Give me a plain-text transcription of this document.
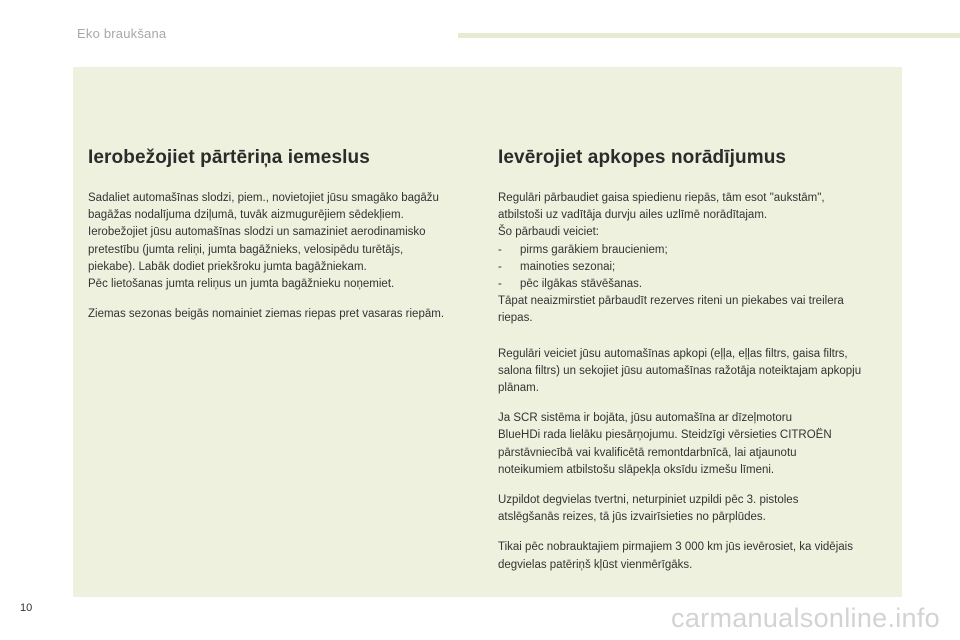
Eko braukšana
Ierobežojiet pārtēriņa iemeslus

Sadaliet automašīnas slodzi, piem., novietojiet jūsu smagāko bagāžu
bagāžas nodalījuma dziļumā, tuvāk aizmugurējiem sēdekļiem.
Ierobežojiet jūsu automašīnas slodzi un samaziniet aerodinamisko
pretestību (jumta reliņi, jumta bagāžnieks, velosipēdu turētājs,
piekabe). Labāk dodiet priekšroku jumta bagāžniekam.
Pēc lietošanas jumta reliņus un jumta bagāžnieku noņemiet.

Ziemas sezonas beigās nomainiet ziemas riepas pret vasaras riepām.

Ievērojiet apkopes norādījumus

Regulāri pārbaudiet gaisa spiedienu riepās, tām esot "aukstām",
atbilstoši uz vadītāja durvju ailes uzlīmē norādītajam.
Šo pārbaudi veiciet:
- pirms garākiem braucieniem;
- mainoties sezonai;
- pēc ilgākas stāvēšanas.
Tāpat neaizmirstiet pārbaudīt rezerves riteni un piekabes vai treilera
riepas.

Regulāri veiciet jūsu automašīnas apkopi (eļļa, eļļas filtrs, gaisa filtrs,
salona filtrs) un sekojiet jūsu automašīnas ražotāja noteiktajam apkopju
plānam.

Ja SCR sistēma ir bojāta, jūsu automašīna ar dīzeļmotoru
BlueHDi rada lielāku piesārņojumu. Steidzīgi vērsieties CITROËN
pārstāvniecībā vai kvalificētā remontdarbnīcā, lai atjaunotu
noteikumiem atbilstošu slāpekļa oksīdu izmešu līmeni.

Uzpildot degvielas tvertni, neturpiniet uzpildi pēc 3. pistoles
atslēgšanās reizes, tā jūs izvairīsieties no pārplūdes.

Tikai pēc nobrauktajiem pirmajiem 3 000 km jūs ievērosiet, ka vidējais
degvielas patēriņš kļūst vienmērīgāks.

10	carmanualsonline.info
